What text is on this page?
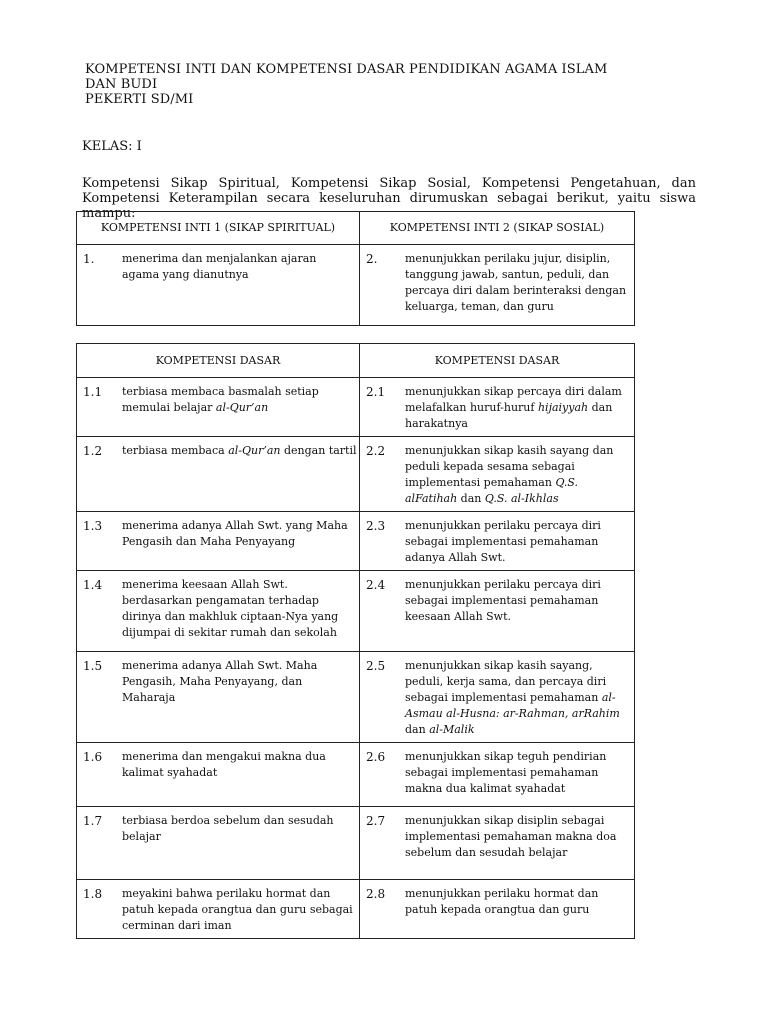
KOMPETENSI INTI DAN KOMPETENSI DASAR PENDIDIKAN AGAMA ISLAM DAN BUDI
PEKERTI SD/MI
KELAS: I
Kompetensi Sikap Spiritual, Kompetensi Sikap Sosial, Kompetensi Pengetahuan, dan Kompetensi Keterampilan secara keseluruhan dirumuskan sebagai berikut, yaitu siswa mampu:
KOMPETENSI INTI 1 (SIKAP SPIRITUAL)	KOMPETENSI INTI 2 (SIKAP SOSIAL)

1. menerima dan menjalankan ajaran agama yang dianutnya	2. menunjukkan perilaku jujur, disiplin, tanggung jawab, santun, peduli, dan percaya diri dalam berinteraksi dengan keluarga, teman, dan guru
KOMPETENSI DASAR	KOMPETENSI DASAR

1.1 terbiasa membaca basmalah setiap memulai belajar al-Qur’an	2.1 menunjukkan sikap percaya diri dalam melafalkan huruf-huruf hijaiyyah dan harakatnya

1.2 terbiasa membaca al-Qur’an dengan tartil	2.2 menunjukkan sikap kasih sayang dan peduli kepada sesama sebagai implementasi pemahaman Q.S. alFatihah dan Q.S. al-Ikhlas

1.3 menerima adanya Allah Swt. yang Maha Pengasih dan Maha Penyayang	2.3 menunjukkan perilaku percaya diri sebagai implementasi pemahaman adanya Allah Swt.

1.4 menerima keesaan Allah Swt. berdasarkan pengamatan terhadap dirinya dan makhluk ciptaan-Nya yang dijumpai di sekitar rumah dan sekolah	2.4 menunjukkan perilaku percaya diri sebagai implementasi pemahaman keesaan Allah Swt.

1.5 menerima adanya Allah Swt. Maha Pengasih, Maha Penyayang, dan Maharaja	2.5 menunjukkan sikap kasih sayang, peduli, kerja sama, dan percaya diri sebagai implementasi pemahaman al-Asmau al-Husna: ar-Rahman, arRahim dan al-Malik

1.6 menerima dan mengakui makna dua kalimat syahadat	2.6 menunjukkan sikap teguh pendirian sebagai implementasi pemahaman makna dua kalimat syahadat

1.7 terbiasa berdoa sebelum dan sesudah belajar	2.7 menunjukkan sikap disiplin sebagai implementasi pemahaman makna doa sebelum dan sesudah belajar

1.8 meyakini bahwa perilaku hormat dan patuh kepada orangtua dan guru sebagai cerminan dari iman	2.8 menunjukkan perilaku hormat dan patuh kepada orangtua dan guru
